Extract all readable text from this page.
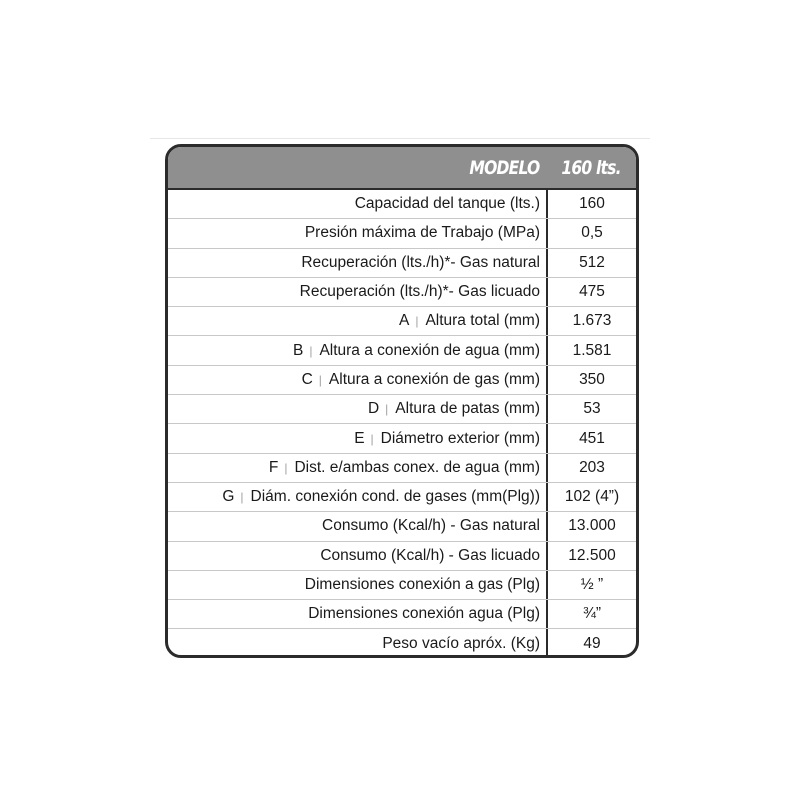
MODELO	160 lts.
Capacidad del tanque (lts.)	160
Presión máxima de Trabajo (MPa)	0,5
Recuperación (lts./h)*- Gas natural	512
Recuperación (lts./h)*- Gas licuado	475
A | Altura total (mm)	1.673
B | Altura a conexión de agua (mm)	1.581
C | Altura a conexión de gas (mm)	350
D | Altura de patas (mm)	53
E | Diámetro exterior (mm)	451
F | Dist. e/ambas conex. de agua (mm)	203
G | Diám. conexión cond. de gases (mm(Plg))	102 (4”)
Consumo (Kcal/h) - Gas natural	13.000
Consumo (Kcal/h) - Gas licuado	12.500
Dimensiones conexión a gas (Plg)	½ ”
Dimensiones conexión agua (Plg)	¾”
Peso vacío apróx. (Kg)	49
